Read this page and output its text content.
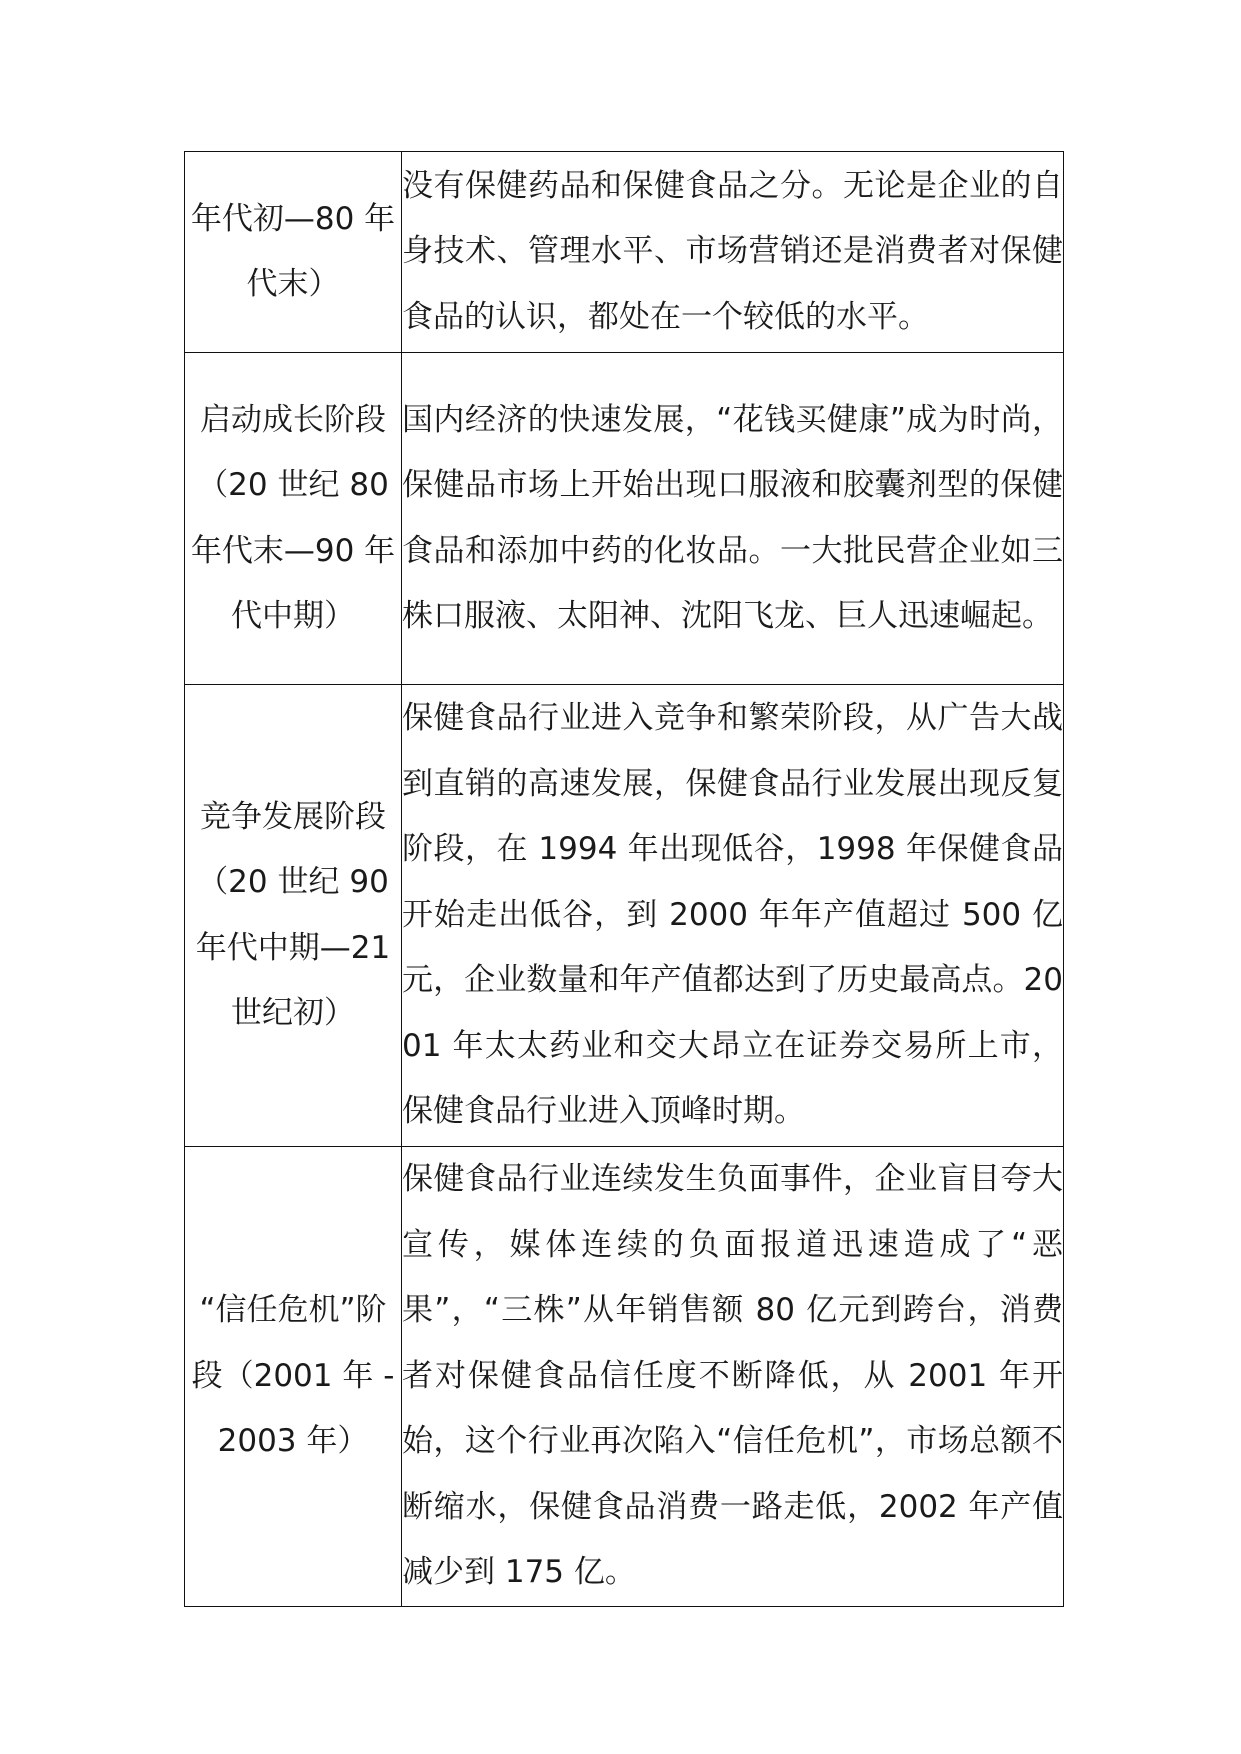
年代初—80 年代末）	没有保健药品和保健食品之分。无论是企业的自身技术、管理水平、市场营销还是消费者对保健食品的认识，都处在一个较低的水平。

启动成长阶段（20 世纪 80 年代末—90 年代中期）	国内经济的快速发展，“花钱买健康”成为时尚，保健品市场上开始出现口服液和胶囊剂型的保健食品和添加中药的化妆品。一大批民营企业如三株口服液、太阳神、沈阳飞龙、巨人迅速崛起。

竞争发展阶段（20 世纪 90 年代中期—21 世纪初）	保健食品行业进入竞争和繁荣阶段，从广告大战到直销的高速发展，保健食品行业发展出现反复阶段，在 1994 年出现低谷，1998 年保健食品开始走出低谷，到 2000 年年产值超过 500 亿元，企业数量和年产值都达到了历史最高点。2001 年太太药业和交大昂立在证券交易所上市，保健食品行业进入顶峰时期。

“信任危机”阶段（2001 年 -2003 年）	保健食品行业连续发生负面事件，企业盲目夸大宣传，媒体连续的负面报道迅速造成了“恶果”，“三株”从年销售额 80 亿元到跨台，消费者对保健食品信任度不断降低，从 2001 年开始，这个行业再次陷入“信任危机”，市场总额不断缩水，保健食品消费一路走低，2002 年产值减少到 175 亿。
